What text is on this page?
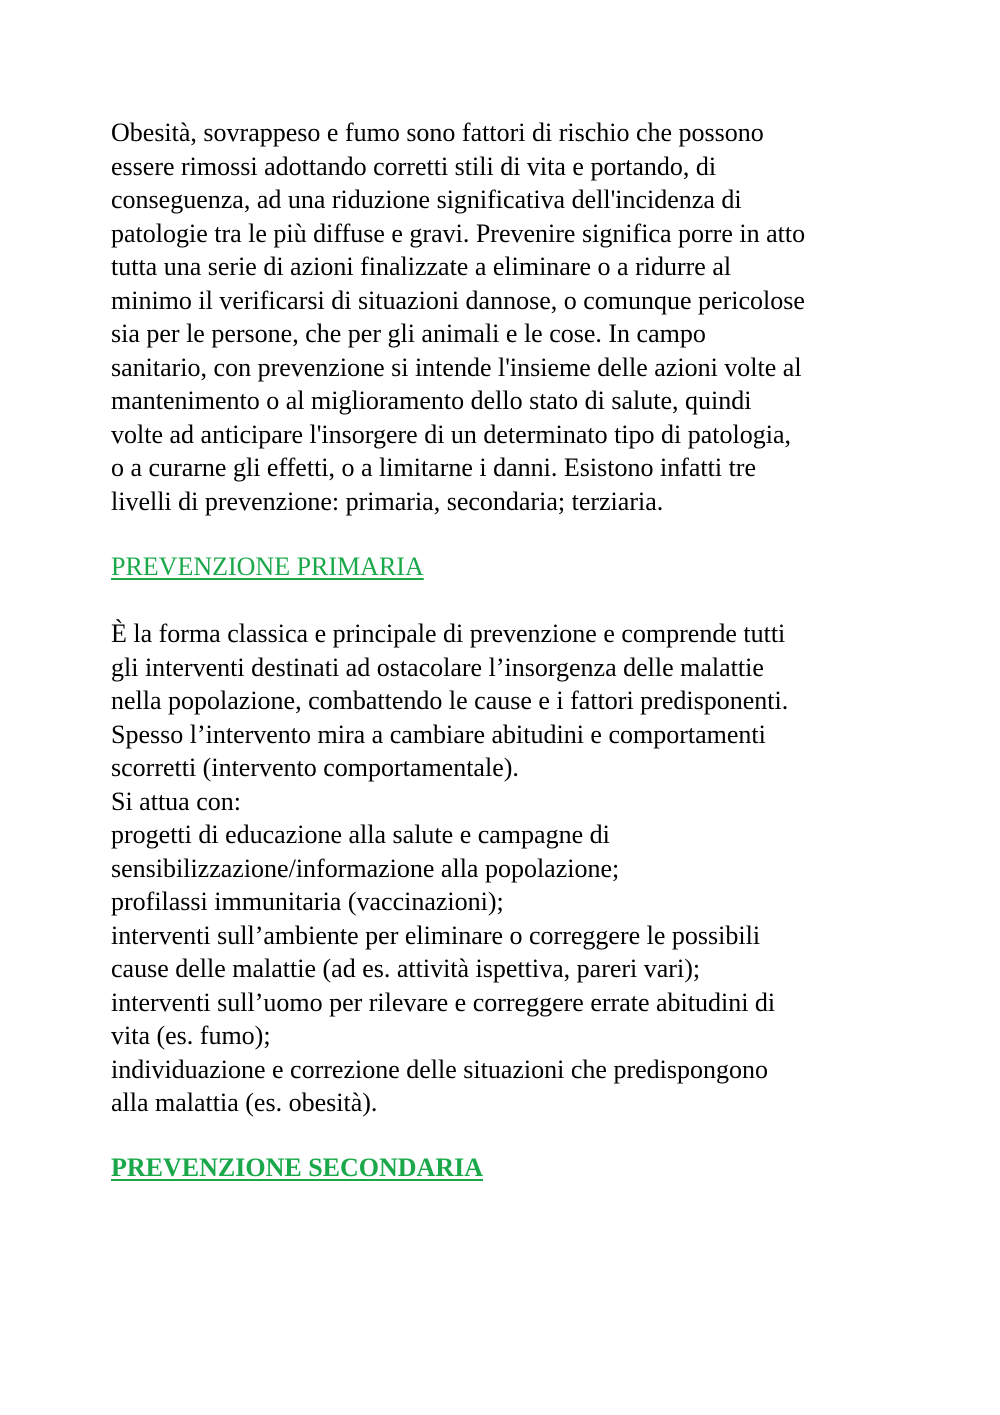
Obesità, sovrappeso e fumo sono fattori di rischio che possono

essere rimossi adottando corretti stili di vita e portando, di

conseguenza, ad una riduzione significativa dell'incidenza di

patologie tra le più diffuse e gravi. Prevenire significa porre in atto

tutta una serie di azioni finalizzate a eliminare o a ridurre al

minimo il verificarsi di situazioni dannose, o comunque pericolose

sia per le persone, che per gli animali e le cose. In campo

sanitario, con prevenzione si intende l'insieme delle azioni volte al

mantenimento o al miglioramento dello stato di salute, quindi

volte ad anticipare l'insorgere di un determinato tipo di patologia,

o a curarne gli effetti, o a limitarne i danni. Esistono infatti tre

livelli di prevenzione: primaria, secondaria; terziaria.

PREVENZIONE PRIMARIA

È la forma classica e principale di prevenzione e comprende tutti

gli interventi destinati ad ostacolare l’insorgenza delle malattie

nella popolazione, combattendo le cause e i fattori predisponenti.

Spesso l’intervento mira a cambiare abitudini e comportamenti

scorretti (intervento comportamentale).

Si attua con:

progetti di educazione alla salute e campagne di

sensibilizzazione/informazione alla popolazione;

profilassi immunitaria (vaccinazioni);

interventi sull’ambiente per eliminare o correggere le possibili

cause delle malattie (ad es. attività ispettiva, pareri vari);

interventi sull’uomo per rilevare e correggere errate abitudini di

vita (es. fumo);

individuazione e correzione delle situazioni che predispongono

alla malattia (es. obesità).

PREVENZIONE SECONDARIA
